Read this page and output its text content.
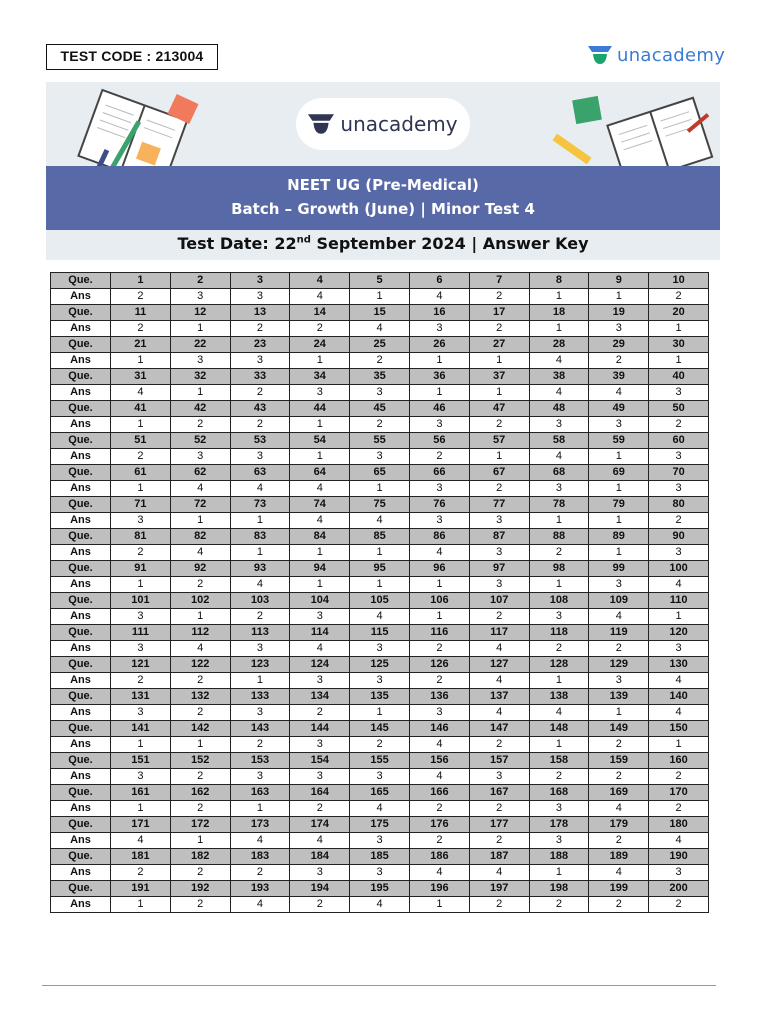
TEST CODE : 213004	unacademy
unacademy
NEET UG (Pre-Medical)
Batch – Growth (June) | Minor Test 4
Test Date: 22nd September 2024 | Answer Key
Que.	1	2	3	4	5	6	7	8	9	10
Ans	2	3	3	4	1	4	2	1	1	2
Que.	11	12	13	14	15	16	17	18	19	20
Ans	2	1	2	2	4	3	2	1	3	1
Que.	21	22	23	24	25	26	27	28	29	30
Ans	1	3	3	1	2	1	1	4	2	1
Que.	31	32	33	34	35	36	37	38	39	40
Ans	4	1	2	3	3	1	1	4	4	3
Que.	41	42	43	44	45	46	47	48	49	50
Ans	1	2	2	1	2	3	2	3	3	2
Que.	51	52	53	54	55	56	57	58	59	60
Ans	2	3	3	1	3	2	1	4	1	3
Que.	61	62	63	64	65	66	67	68	69	70
Ans	1	4	4	4	1	3	2	3	1	3
Que.	71	72	73	74	75	76	77	78	79	80
Ans	3	1	1	4	4	3	3	1	1	2
Que.	81	82	83	84	85	86	87	88	89	90
Ans	2	4	1	1	1	4	3	2	1	3
Que.	91	92	93	94	95	96	97	98	99	100
Ans	1	2	4	1	1	1	3	1	3	4
Que.	101	102	103	104	105	106	107	108	109	110
Ans	3	1	2	3	4	1	2	3	4	1
Que.	111	112	113	114	115	116	117	118	119	120
Ans	3	4	3	4	3	2	4	2	2	3
Que.	121	122	123	124	125	126	127	128	129	130
Ans	2	2	1	3	3	2	4	1	3	4
Que.	131	132	133	134	135	136	137	138	139	140
Ans	3	2	3	2	1	3	4	4	1	4
Que.	141	142	143	144	145	146	147	148	149	150
Ans	1	1	2	3	2	4	2	1	2	1
Que.	151	152	153	154	155	156	157	158	159	160
Ans	3	2	3	3	3	4	3	2	2	2
Que.	161	162	163	164	165	166	167	168	169	170
Ans	1	2	1	2	4	2	2	3	4	2
Que.	171	172	173	174	175	176	177	178	179	180
Ans	4	1	4	4	3	2	2	3	2	4
Que.	181	182	183	184	185	186	187	188	189	190
Ans	2	2	2	3	3	4	4	1	4	3
Que.	191	192	193	194	195	196	197	198	199	200
Ans	1	2	4	2	4	1	2	2	2	2
